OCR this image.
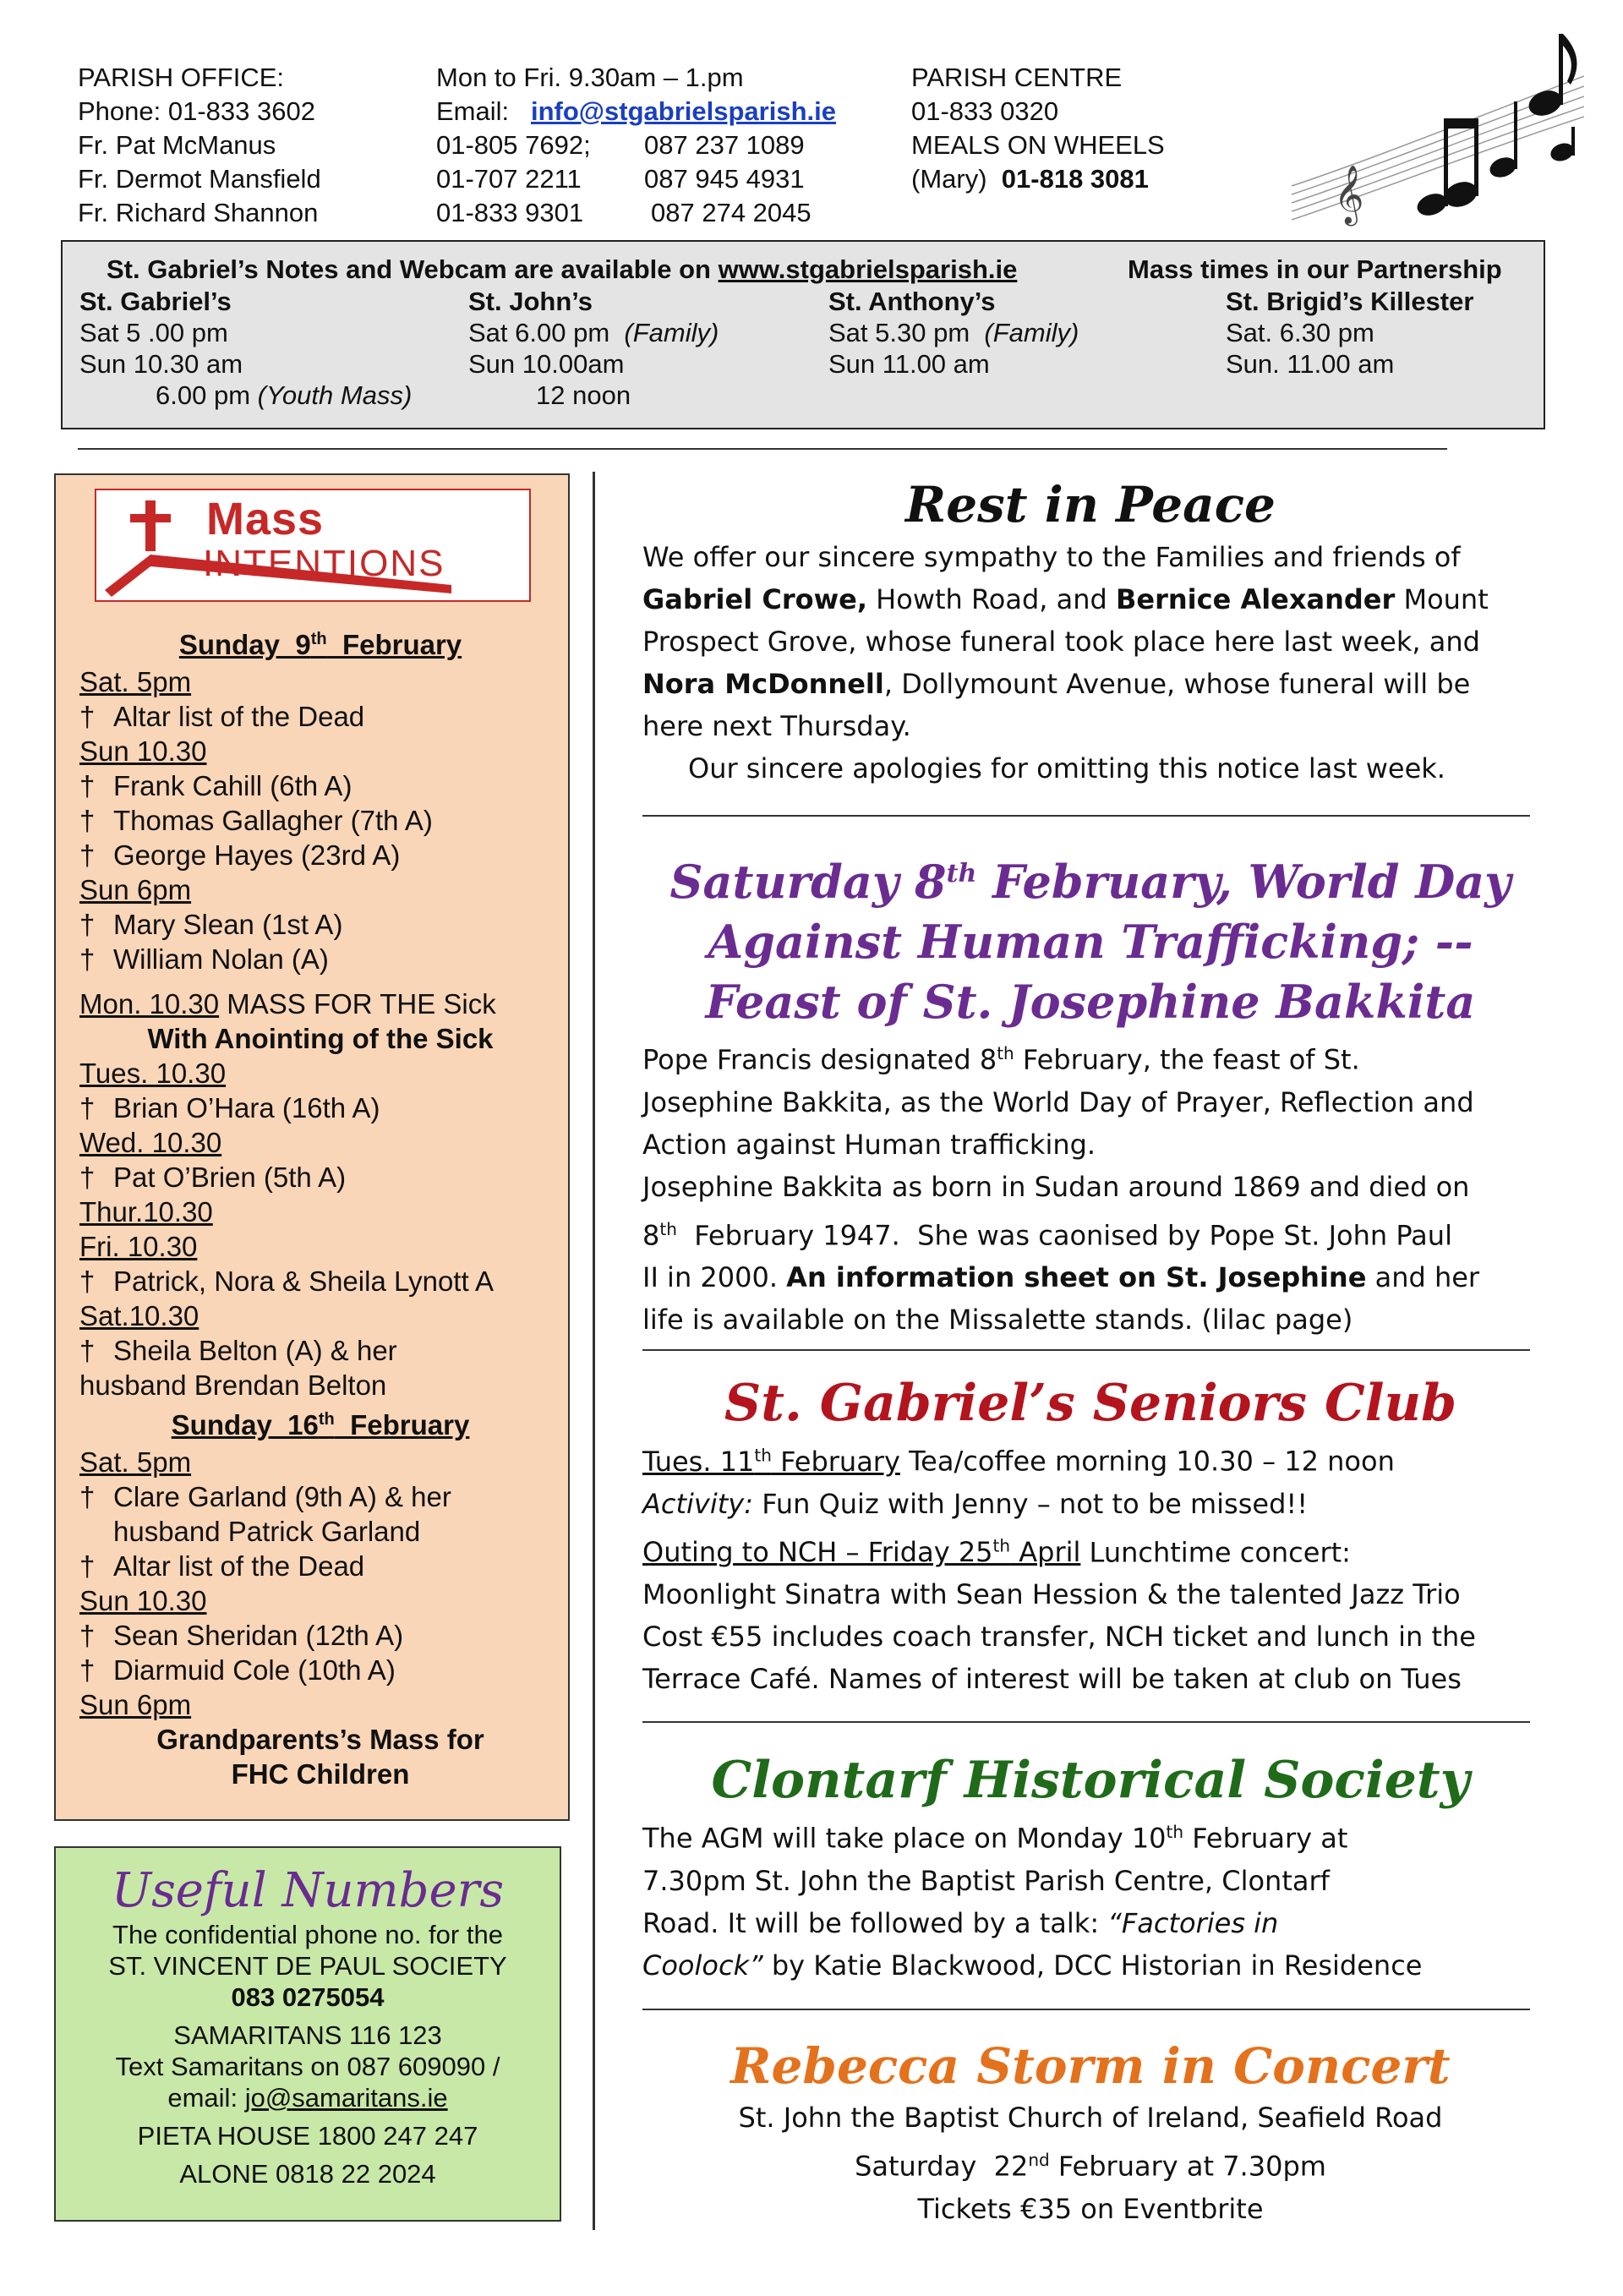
PARISH OFFICE:
Phone: 01-833 3602
Fr. Pat McManus
Fr. Dermot Mansfield
Fr. Richard Shannon
Mon to Fri. 9.30am – 1.pm
Email: info@stgabrielsparish.ie
01-805 7692;
01-707 2211
01-833 9301
087 237 1089
087 945 4931
087 274 2045
PARISH CENTRE
01-833 0320
MEALS ON WHEELS
(Mary) 01-818 3081	𝄞
St. Gabriel’s Notes and Webcam are available on www.stgabrielsparish.ie	Mass times in our Partnership
St. Gabriel’s
Sat 5 .00 pm
Sun 10.30 am
6.00 pm (Youth Mass)
St. John’s
Sat 6.00 pm (Family)
Sun 10.00am
12 noon
St. Anthony’s
Sat 5.30 pm (Family)
Sun 11.00 am
St. Brigid’s Killester
Sat. 6.30 pm
Sun. 11.00 am
Mass
INTENTIONS
Sunday  9th  February
Sat. 5pm
† Altar list of the Dead
Sun 10.30
† Frank Cahill (6th A)
† Thomas Gallagher (7th A)
† George Hayes (23rd A)
Sun 6pm
† Mary Slean (1st A)
† William Nolan (A)
Mon. 10.30 MASS FOR THE Sick
With Anointing of the Sick
Tues. 10.30
† Brian O’Hara (16th A)
Wed. 10.30
† Pat O’Brien (5th A)
Thur.10.30
Fri. 10.30
† Patrick, Nora & Sheila Lynott A
Sat.10.30
† Sheila Belton (A) & her
husband Brendan Belton
Sunday  16th  February
Sat. 5pm
† Clare Garland (9th A) & her
husband Patrick Garland
† Altar list of the Dead
Sun 10.30
† Sean Sheridan (12th A)
† Diarmuid Cole (10th A)
Sun 6pm
Grandparents’s Mass for
FHC Children
Useful Numbers
The confidential phone no. for the
ST. VINCENT DE PAUL SOCIETY
083 0275054
SAMARITANS 116 123
Text Samaritans on 087 609090 /
email: jo@samaritans.ie
PIETA HOUSE 1800 247 247
ALONE 0818 22 2024
Rest in Peace
We offer our sincere sympathy to the Families and friends of
Gabriel Crowe, Howth Road, and Bernice Alexander Mount
Prospect Grove, whose funeral took place here last week, and
Nora McDonnell, Dollymount Avenue, whose funeral will be
here next Thursday.
Our sincere apologies for omitting this notice last week.
Saturday 8th February, World Day
Against Human Trafficking; --
Feast of St. Josephine Bakkita
Pope Francis designated 8th February, the feast of St.
Josephine Bakkita, as the World Day of Prayer, Reflection and
Action against Human trafficking.
Josephine Bakkita as born in Sudan around 1869 and died on
8th  February 1947.  She was caonised by Pope St. John Paul
II in 2000. An information sheet on St. Josephine and her
life is available on the Missalette stands. (lilac page)
St. Gabriel’s Seniors Club
Tues. 11th February Tea/coffee morning 10.30 – 12 noon
Activity: Fun Quiz with Jenny – not to be missed!!
Outing to NCH – Friday 25th April Lunchtime concert:
Moonlight Sinatra with Sean Hession & the talented Jazz Trio
Cost €55 includes coach transfer, NCH ticket and lunch in the
Terrace Café. Names of interest will be taken at club on Tues
Clontarf Historical Society
The AGM will take place on Monday 10th February at
7.30pm St. John the Baptist Parish Centre, Clontarf
Road. It will be followed by a talk: “Factories in
Coolock” by Katie Blackwood, DCC Historian in Residence
Rebecca Storm in Concert
St. John the Baptist Church of Ireland, Seafield Road
Saturday  22nd February at 7.30pm
Tickets €35 on Eventbrite
